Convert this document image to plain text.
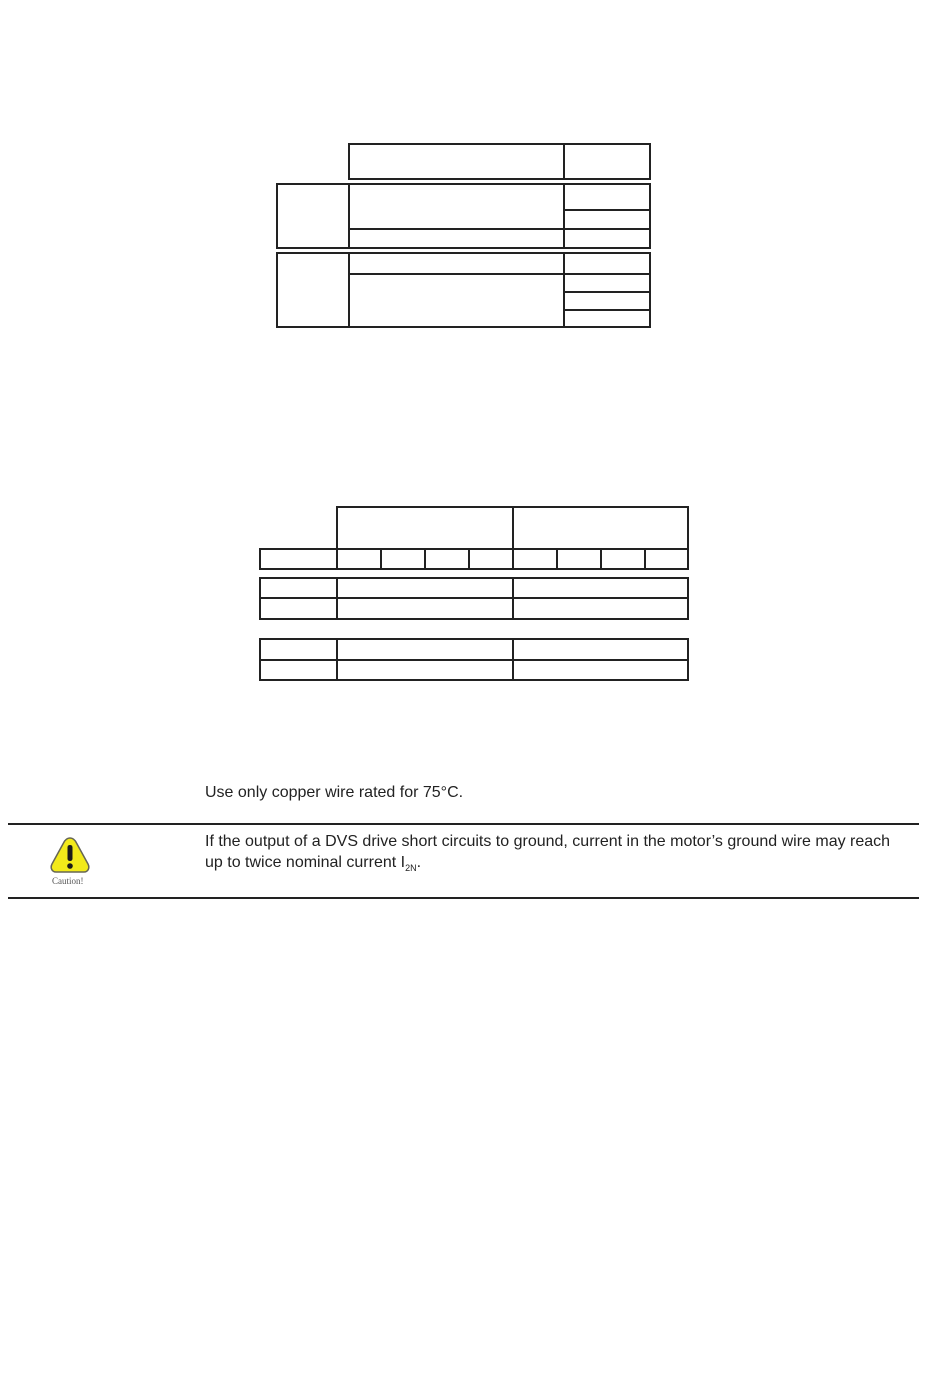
Use only copper wire rated for 75°C.
Caution!
If the output of a DVS drive short circuits to ground, current in the motor’s ground wire may reach
up to twice nominal current $I_{2N}$.
